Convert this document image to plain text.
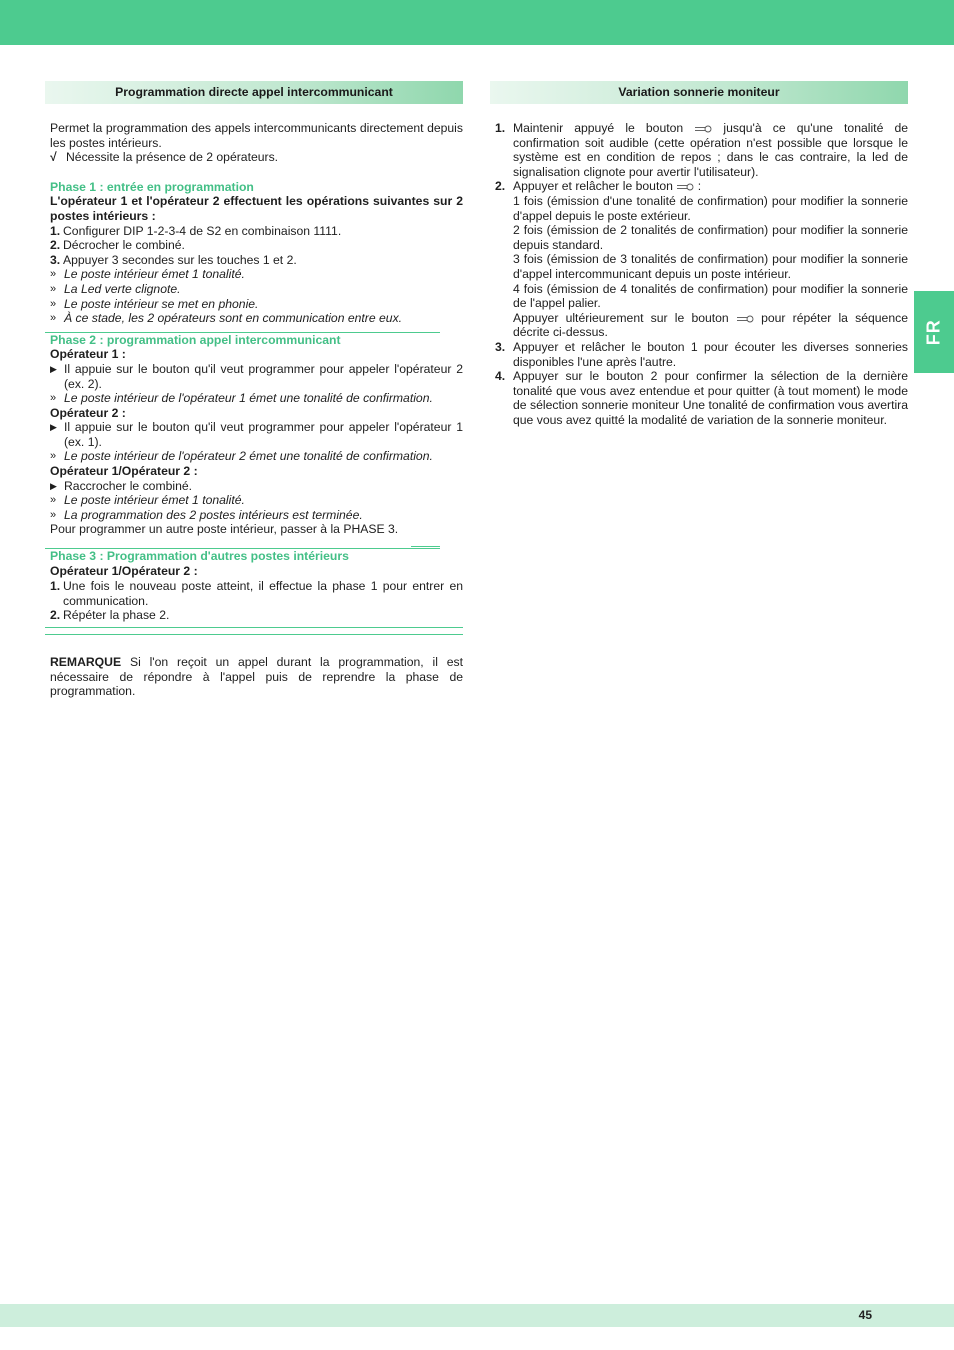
FR
Programmation directe appel intercommunicant

Permet la programmation des appels intercommunicants directement depuis les postes intérieurs.

√ Nécessite la présence de 2 opérateurs.

Phase 1 : entrée en programmation

L'opérateur 1 et l'opérateur 2 effectuent les opérations suivantes sur 2 postes intérieurs :

1. Configurer DIP 1-2-3-4 de S2 en combinaison 1111.
2. Décrocher le combiné.
3. Appuyer 3 secondes sur les touches 1 et 2.
» Le poste intérieur émet 1 tonalité.
» La Led verte clignote.
» Le poste intérieur se met en phonie.
» À ce stade, les 2 opérateurs sont en communication entre eux.

Phase 2 : programmation appel intercommunicant

Opérateur 1 :

▶ Il appuie sur le bouton qu'il veut programmer pour appeler l'opérateur 2 (ex. 2).
» Le poste intérieur de l'opérateur 1 émet une tonalité de confirmation.

Opérateur 2 :

▶ Il appuie sur le bouton qu'il veut programmer pour appeler l'opérateur 1 (ex. 1).
» Le poste intérieur de l'opérateur 2 émet une tonalité de confirmation.

Opérateur 1/Opérateur 2 :

▶ Raccrocher le combiné.
» Le poste intérieur émet 1 tonalité.
» La programmation des 2 postes intérieurs est terminée.

Pour programmer un autre poste intérieur, passer à la PHASE 3.

Phase 3 : Programmation d'autres postes intérieurs

Opérateur 1/Opérateur 2 :

1. Une fois le nouveau poste atteint, il effectue la phase 1 pour entrer en communication.
2. Répéter la phase 2.

REMARQUE Si l'on reçoit un appel durant la programmation, il est nécessaire de répondre à l'appel puis de reprendre la phase de programmation.

Variation sonnerie moniteur
1. Maintenir appuyé le bouton	jusqu'à ce qu'une tonalité de confirmation soit audible (cette opération n'est possible que lorsque le système est en condition de repos ; dans le cas contraire, la led de signalisation clignote pour avertir l'utilisateur).
2. Appuyer et relâcher le bouton :
1 fois (émission d'une tonalité de confirmation) pour modifier la sonnerie d'appel depuis le poste extérieur.
2 fois (émission de 2 tonalités de confirmation) pour modifier la sonnerie depuis standard.
3 fois (émission de 3 tonalités de confirmation) pour modifier la sonnerie d'appel intercommunicant depuis un poste intérieur.
4 fois (émission de 4 tonalités de confirmation) pour modifier la sonnerie de l'appel palier.
Appuyer ultérieurement sur le bouton	pour répéter la séquence décrite ci-dessus.
3. Appuyer et relâcher le bouton 1 pour écouter les diverses sonneries disponibles l'une après l'autre.
4. Appuyer sur le bouton 2 pour confirmer la sélection de la dernière tonalité que vous avez entendue et pour quitter (à tout moment) le mode de sélection sonnerie moniteur Une tonalité de confirmation vous avertira que vous avez quitté la modalité de variation de la sonnerie moniteur.
45
